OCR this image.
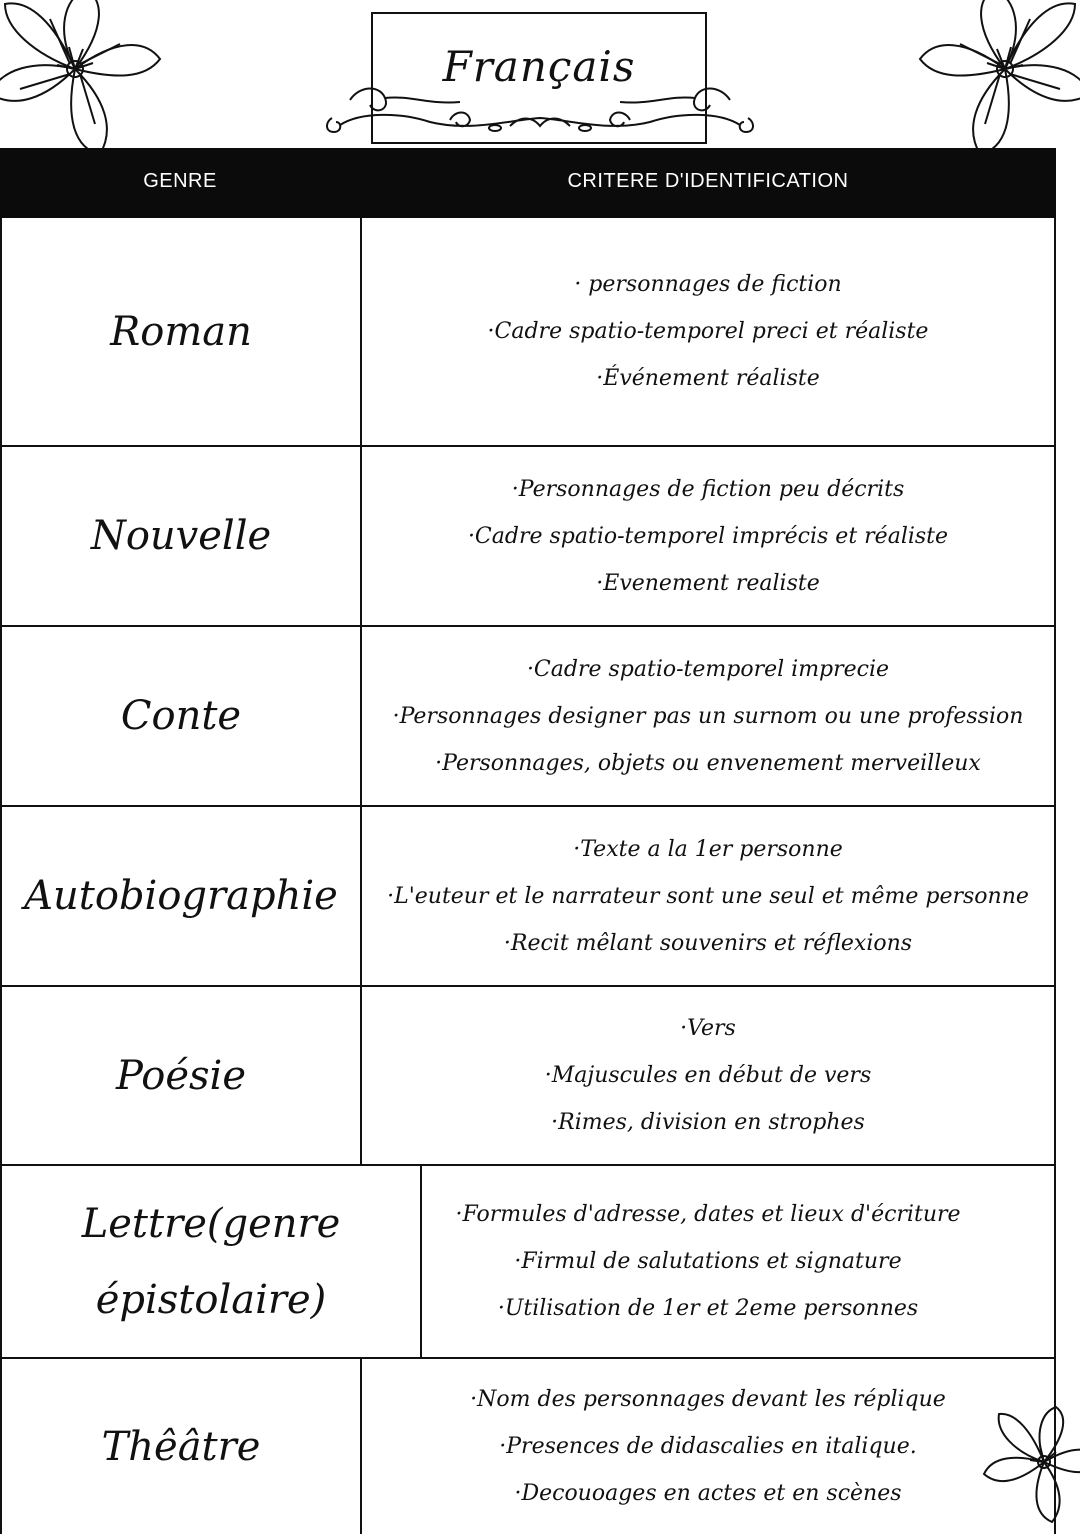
Français
GENRE	CRITERE D'IDENTIFICATION
Roman
· personnages de fiction
·Cadre spatio-temporel preci et réaliste
·Événement réaliste
Nouvelle
·Personnages de fiction peu décrits
·Cadre spatio-temporel imprécis et réaliste
·Evenement realiste
Conte
·Cadre spatio-temporel imprecie
·Personnages designer pas un surnom ou une profession
·Personnages, objets ou envenement merveilleux
Autobiographie
·Texte a la 1er personne
·L'euteur et le narrateur sont une seul et même personne
·Recit mêlant souvenirs et réflexions
Poésie
·Vers
·Majuscules en début de vers
·Rimes, division en strophes
Lettre(genre épistolaire)
·Formules d'adresse, dates et lieux d'écriture
·Firmul de salutations et signature
·Utilisation de 1er et 2eme personnes
Thêâtre
·Nom des personnages devant les réplique
·Presences de didascalies en italique.
·Decouoages en actes et en scènes
